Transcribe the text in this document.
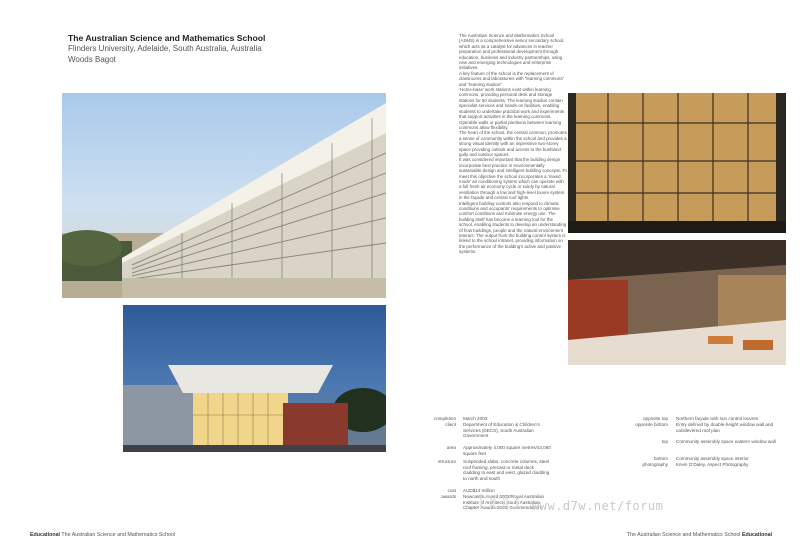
The Australian Science and Mathematics School
Flinders University, Adelaide, South Australia, Australia
Woods Bagot

The Australian Science and Mathematics School (ASMS) is a comprehensive senior secondary school, which acts as a catalyst for advances in teacher preparation and professional development through education, business and industry partnerships, using new and emerging technologies and enterprise initiatives.

A key feature of the school is the replacement of classrooms and laboratories with “learning commons” and “learning studios”.

‘Home-base’ work stations exist within learning commons, providing personal desk and storage stations for 50 students. The learning studios contain specialist services and hands-on facilities, enabling students to undertake practical work and experiments that support activities in the learning commons. Operable walls or partial partitions between learning commons allow flexibility.

The heart of the school, the central common, promotes a sense of community within the school and provides a strong visual identity with an impressive two-storey space providing outlook and access to the bushland gully and outdoor spaces.

It was considered important that the building design incorporate best practice in environmentally sustainable design and intelligent building concepts. To meet this objective the school incorporates a ‘mixed mode’ air conditioning system which can operate with a full fresh air economy cycle or solely by natural ventilation through a low and high-level louvre system in the façade and central roof lights.

Intelligent building controls also respond to climatic conditions and occupants’ requirements to optimise comfort conditions and minimise energy use. The building itself has become a learning tool for the school, enabling students to develop an understanding of how buildings, people and the natural environment interact. The output from the building control system is linked to the school intranet, providing information on the performance of the building’s active and passive systems.

completion March 2003
client Department of Education & Children’s Services (DECS), South Australian Government
area Approximately 4,000 square metres/43,060 square feet
structure Suspended slabs, concrete columns, steel roof framing, precast or metal deck cladding to east and west, glazed cladding to north and south
cost AUD$14 million
awards Newcastle Award 2003/Royal Australian Institute of Architects South Australian Chapter Awards 2003, Commendation
opposite top Northern façade with sun control louvres
opposite bottom Entry defined by double-height window wall and cantilevered roof plan
top Community assembly space eastern window wall
bottom Community assembly space interior
photography Kevin O’Daley, Aspect Photography
www.d7w.net/forum
Educational The Australian Science and Mathematics School	The Australian Science and Mathematics School Educational
